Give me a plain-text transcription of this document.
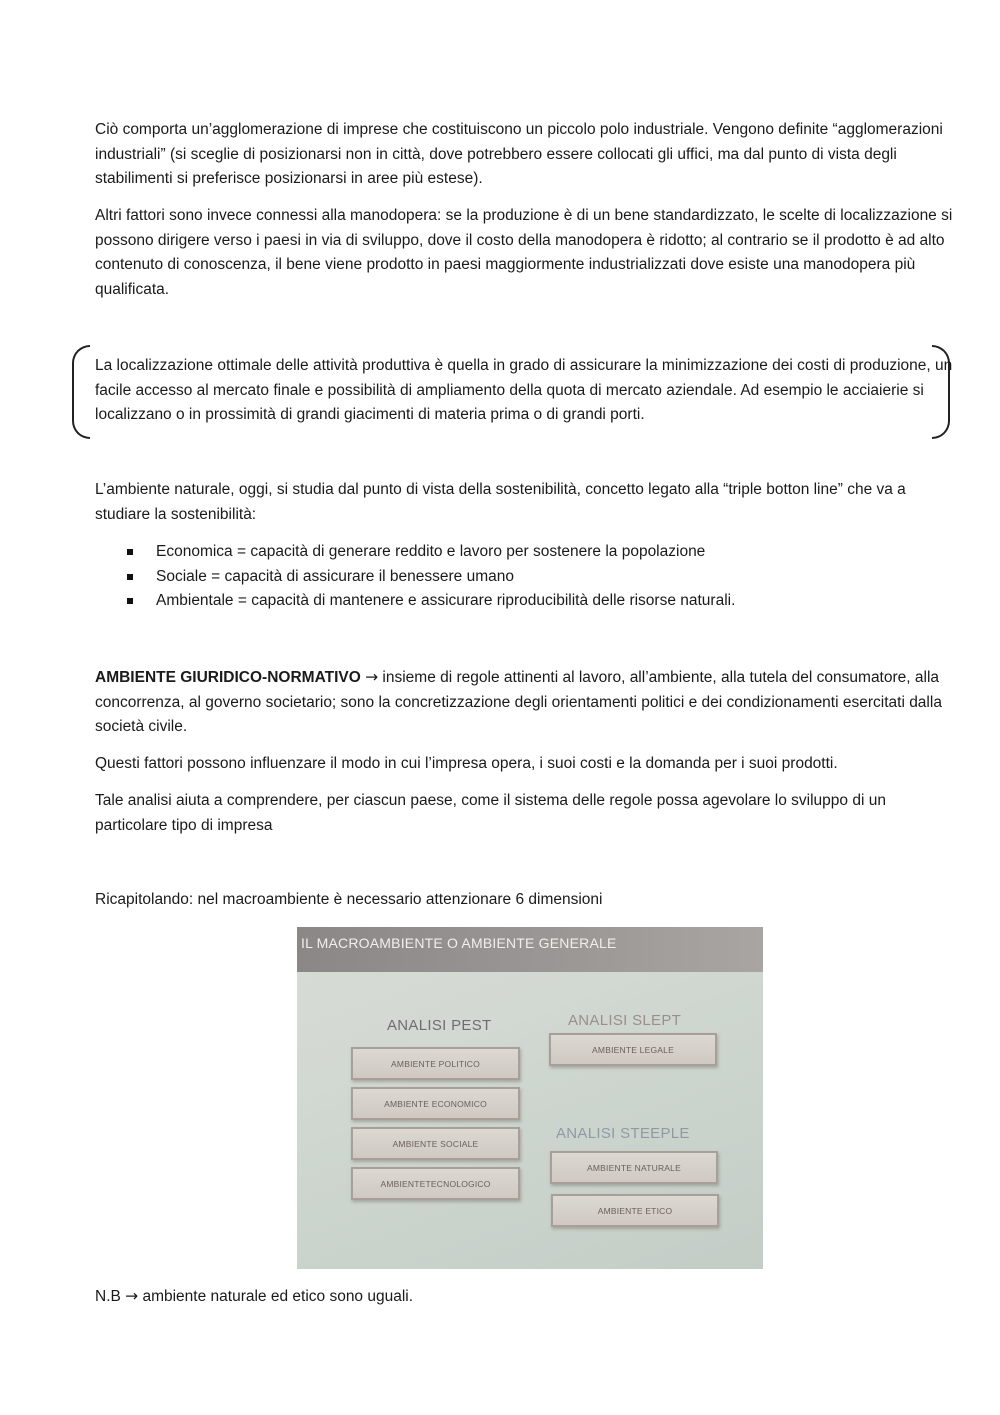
Ciò comporta un’agglomerazione di imprese che costituiscono un piccolo polo industriale. Vengono definite “agglomerazioni industriali” (si sceglie di posizionarsi non in città, dove potrebbero essere collocati gli uffici, ma dal punto di vista degli stabilimenti si preferisce posizionarsi in aree più estese).

Altri fattori sono invece connessi alla manodopera: se la produzione è di un bene standardizzato, le scelte di localizzazione si possono dirigere verso i paesi in via di sviluppo, dove il costo della manodopera è ridotto; al contrario se il prodotto è ad alto contenuto di conoscenza, il bene viene prodotto in paesi maggiormente industrializzati dove esiste una manodopera più qualificata.

La localizzazione ottimale delle attività produttiva è quella in grado di assicurare la minimizzazione dei costi di produzione, un facile accesso al mercato finale e possibilità di ampliamento della quota di mercato aziendale. Ad esempio le acciaierie si localizzano o in prossimità di grandi giacimenti di materia prima o di grandi porti.

L’ambiente naturale, oggi, si studia dal punto di vista della sostenibilità, concetto legato alla “triple botton line” che va a studiare la sostenibilità:

Economica = capacità di generare reddito e lavoro per sostenere la popolazione
Sociale = capacità di assicurare il benessere umano
Ambientale = capacità di mantenere e assicurare riproducibilità delle risorse naturali.

AMBIENTE GIURIDICO-NORMATIVO → insieme di regole attinenti al lavoro, all’ambiente, alla tutela del consumatore, alla concorrenza, al governo societario; sono la concretizzazione degli orientamenti politici e dei condizionamenti esercitati dalla società civile.

Questi fattori possono influenzare il modo in cui l’impresa opera, i suoi costi e la domanda per i suoi prodotti.

Tale analisi aiuta a comprendere, per ciascun paese, come il sistema delle regole possa agevolare lo sviluppo di un particolare tipo di impresa

Ricapitolando: nel macroambiente è necessario attenzionare 6 dimensioni

IL MACROAMBIENTE O AMBIENTE GENERALE
ANALISI PEST
AMBIENTE POLITICO
AMBIENTE ECONOMICO
AMBIENTE SOCIALE
AMBIENTETECNOLOGICO
ANALISI SLEPT
AMBIENTE LEGALE
ANALISI STEEPLE
AMBIENTE NATURALE
AMBIENTE ETICO

N.B → ambiente naturale ed etico sono uguali.
